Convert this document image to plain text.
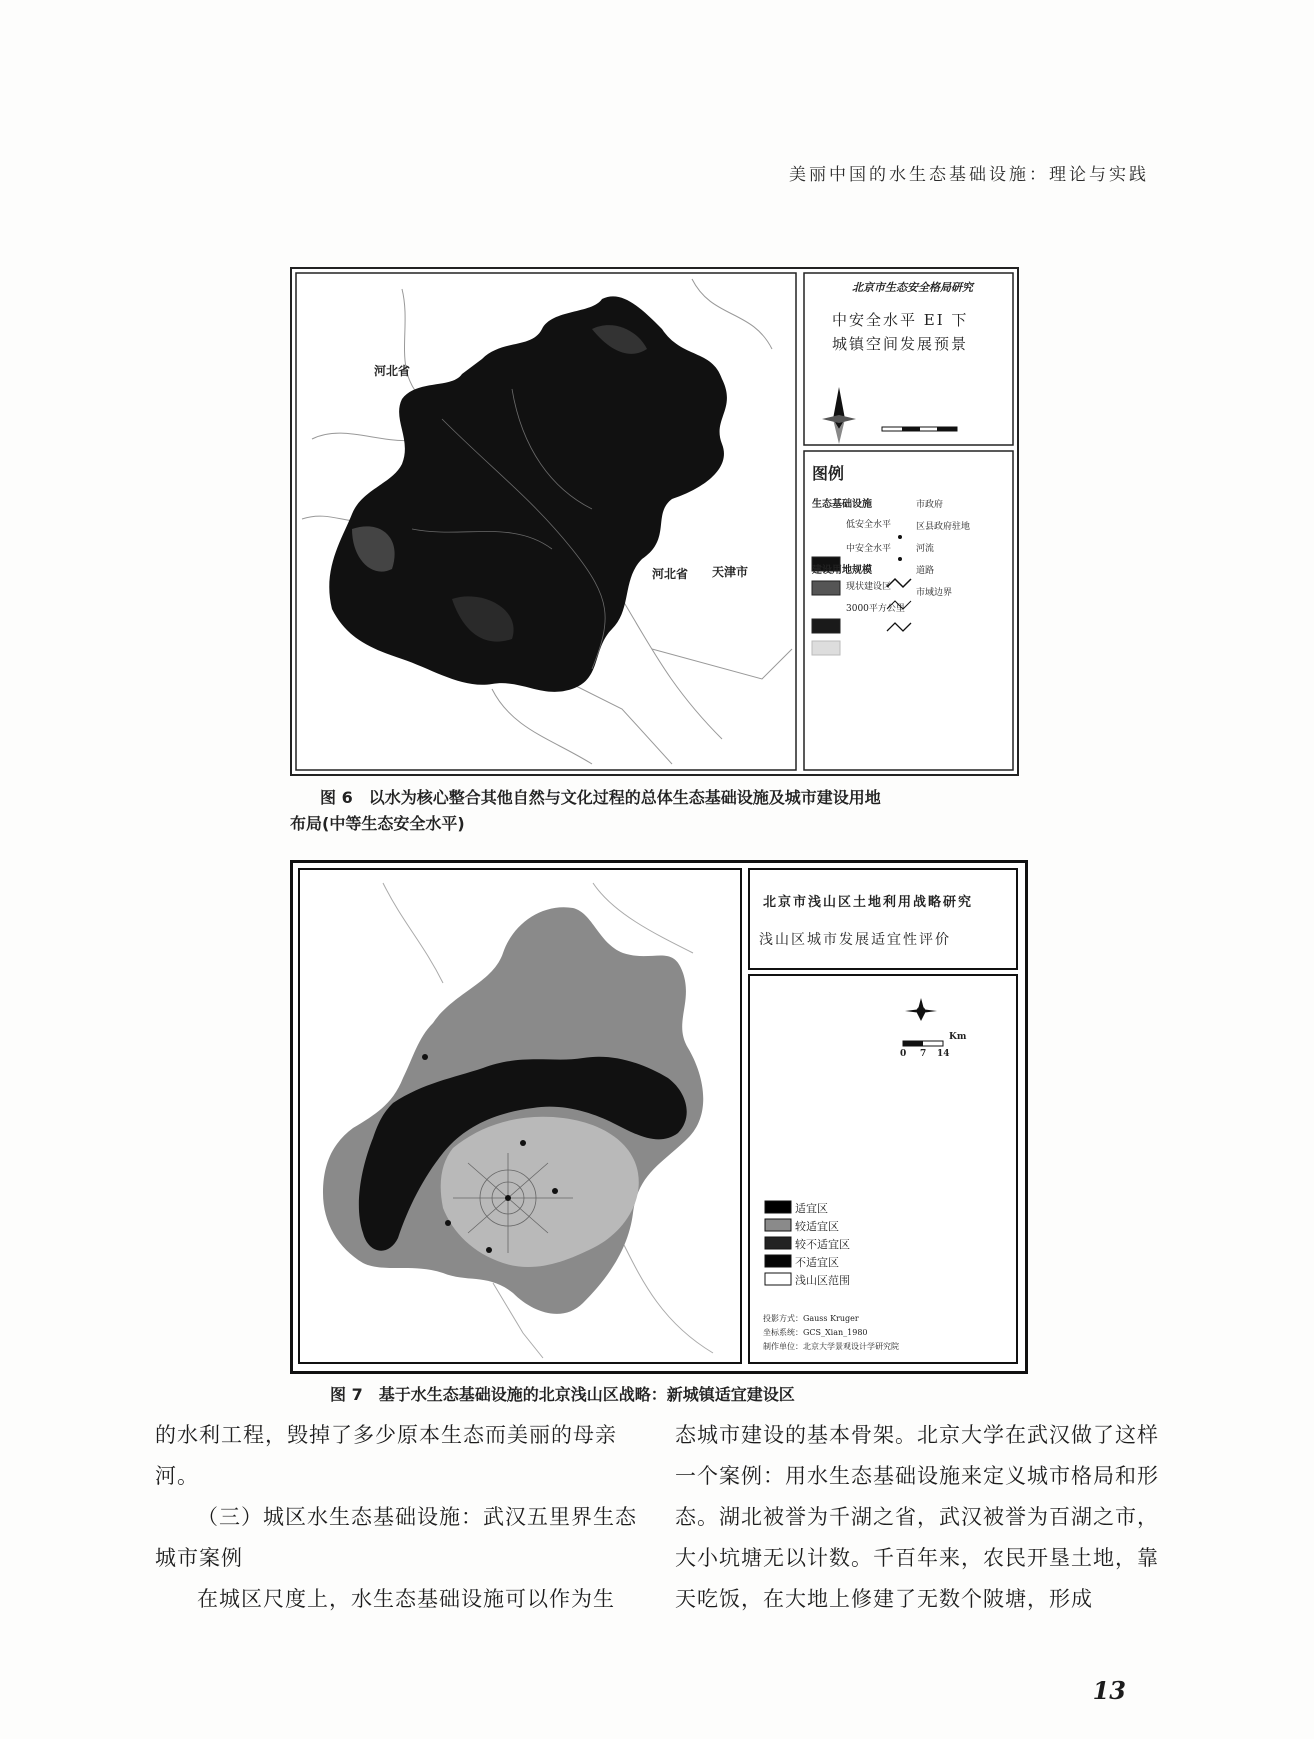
美丽中国的水生态基础设施：理论与实践
河北省
河北省 天津市
北京市生态安全格局研究
中安全水平 EI 下
城镇空间发展预景
图例
生态基础设施
低安全水平
中安全水平
建设用地规模
现状建设区
3000平方公里
市政府
区县政府驻地
河流
道路
市域边界
图 6　以水为核心整合其他自然与文化过程的总体生态基础设施及城市建设用地
布局(中等生态安全水平)
北京市浅山区土地利用战略研究
浅山区城市发展适宜性评价
Km
0 7 14
适宜区
较适宜区
较不适宜区
不适宜区
浅山区范围
投影方式：Gauss Kruger
坐标系统：GCS_Xian_1980
制作单位：北京大学景观设计学研究院
图 7　基于水生态基础设施的北京浅山区战略：新城镇适宜建设区

的水利工程，毁掉了多少原本生态而美丽的母亲河。

（三）城区水生态基础设施：武汉五里界生态城市案例

在城区尺度上，水生态基础设施可以作为生

态城市建设的基本骨架。北京大学在武汉做了这样一个案例：用水生态基础设施来定义城市格局和形态。湖北被誉为千湖之省，武汉被誉为百湖之市，大小坑塘无以计数。千百年来，农民开垦土地，靠天吃饭，在大地上修建了无数个陂塘，形成

13
